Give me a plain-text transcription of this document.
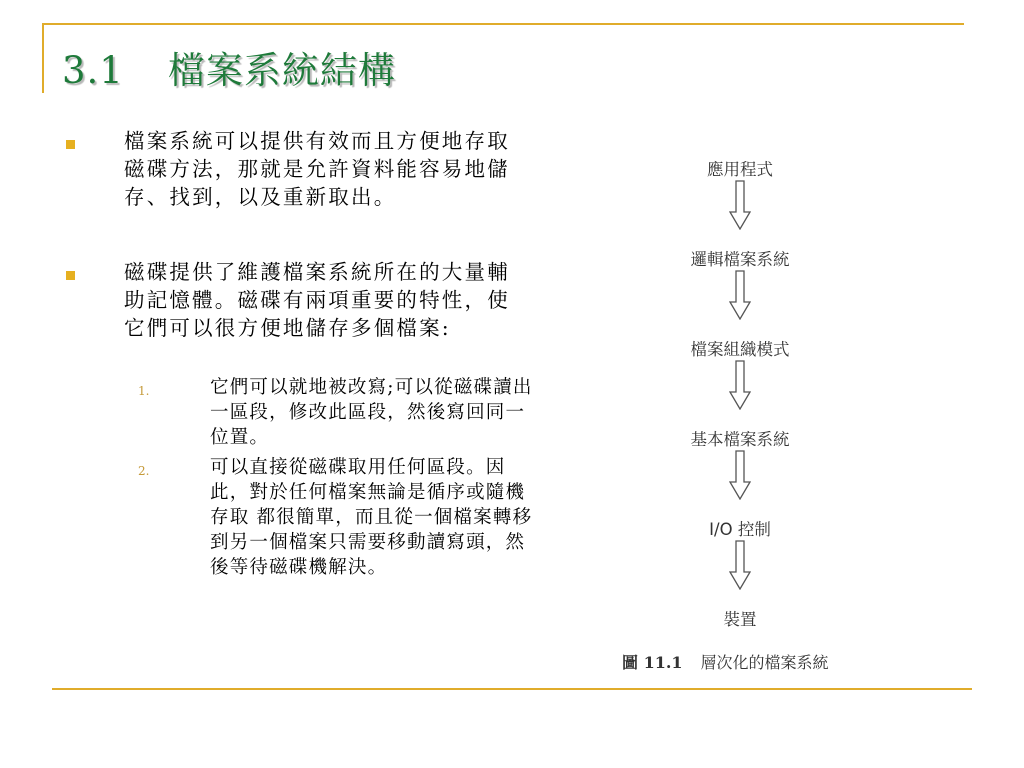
3.1 檔案系統結構

檔案系統可以提供有效而且方便地存取磁碟方法，那就是允許資料能容易地儲存、找到，以及重新取出。

磁碟提供了維護檔案系統所在的大量輔助記憶體。磁碟有兩項重要的特性，使它們可以很方便地儲存多個檔案:

1.	它們可以就地被改寫;可以從磁碟讀出一區段，修改此區段，然後寫回同一 位置。

2.	可以直接從磁碟取用任何區段。因此，對於任何檔案無論是循序或隨機存取 都很簡單，而且從一個檔案轉移到另一個檔案只需要移動讀寫頭，然後等待磁碟機解決。

應用程式
邏輯檔案系統
檔案組織模式
基本檔案系統
I/O 控制
裝置
圖 11.1 層次化的檔案系統
